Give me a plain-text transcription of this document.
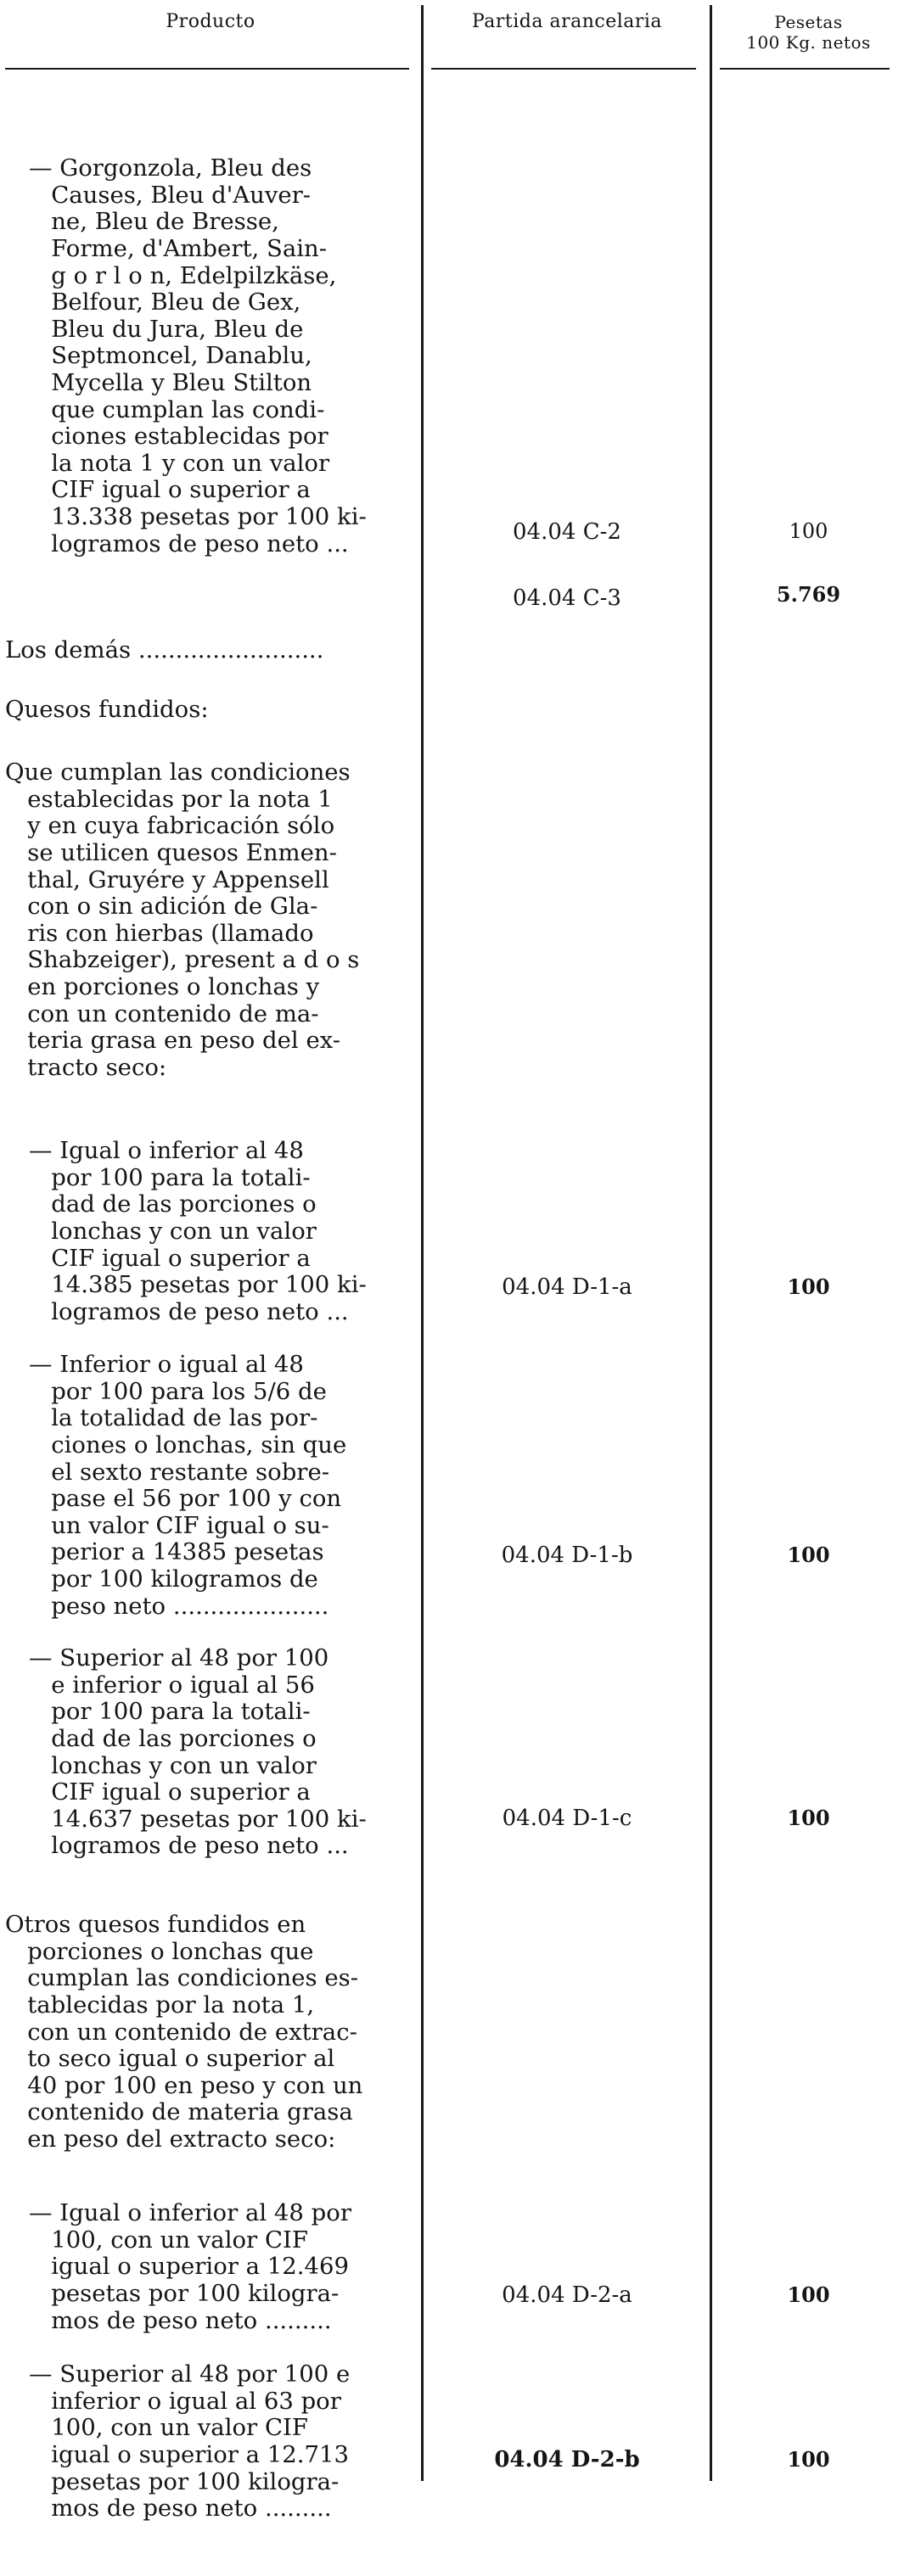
Producto	Partida arancelaria	Pesetas
100 Kg. netos

— Gorgonzola, Bleu des
Causes, Bleu d'Auver-
ne, Bleu de Bresse,
Forme, d'Ambert, Sain-
g o r l o n, Edelpilzkäse,
Belfour, Bleu de Gex,
Bleu du Jura, Bleu de
Septmoncel, Danablu,
Mycella y Bleu Stilton
que cumplan las condi-
ciones establecidas por
la nota 1 y con un valor
CIF igual o superior a
13.338 pesetas por 100 ki-
logramos de peso neto ...

	04.04 C-2	100

Los demás .........................

04.04 C-3	5.769

Quesos fundidos:

Que cumplan las condiciones
establecidas por la nota 1
y en cuya fabricación sólo
se utilicen quesos Enmen-
thal, Gruyére y Appensell
con o sin adición de Gla-
ris con hierbas (llamado
Shabzeiger), present a d o s
en porciones o lonchas y
con un contenido de ma-
teria grasa en peso del ex-
tracto seco:

— Igual o inferior al 48
por 100 para la totali-
dad de las porciones o
lonchas y con un valor
CIF igual o superior a
14.385 pesetas por 100 ki-
logramos de peso neto ...

04.04 D-1-a	100

— Inferior o igual al 48
por 100 para los 5/6 de
la totalidad de las por-
ciones o lonchas, sin que
el sexto restante sobre-
pase el 56 por 100 y con
un valor CIF igual o su-
perior a 14385 pesetas
por 100 kilogramos de
peso neto .....................

04.04 D-1-b	100

— Superior al 48 por 100
e inferior o igual al 56
por 100 para la totali-
dad de las porciones o
lonchas y con un valor
CIF igual o superior a
14.637 pesetas por 100 ki-
logramos de peso neto ...

04.04 D-1-c	100

Otros quesos fundidos en
porciones o lonchas que
cumplan las condiciones es-
tablecidas por la nota 1,
con un contenido de extrac-
to seco igual o superior al
40 por 100 en peso y con un
contenido de materia grasa
en peso del extracto seco:

— Igual o inferior al 48 por
100, con un valor CIF
igual o superior a 12.469
pesetas por 100 kilogra-
mos de peso neto .........

04.04 D-2-a	100

— Superior al 48 por 100 e
inferior o igual al 63 por
100, con un valor CIF
igual o superior a 12.713
pesetas por 100 kilogra-
mos de peso neto .........

04.04 D-2-b	100
